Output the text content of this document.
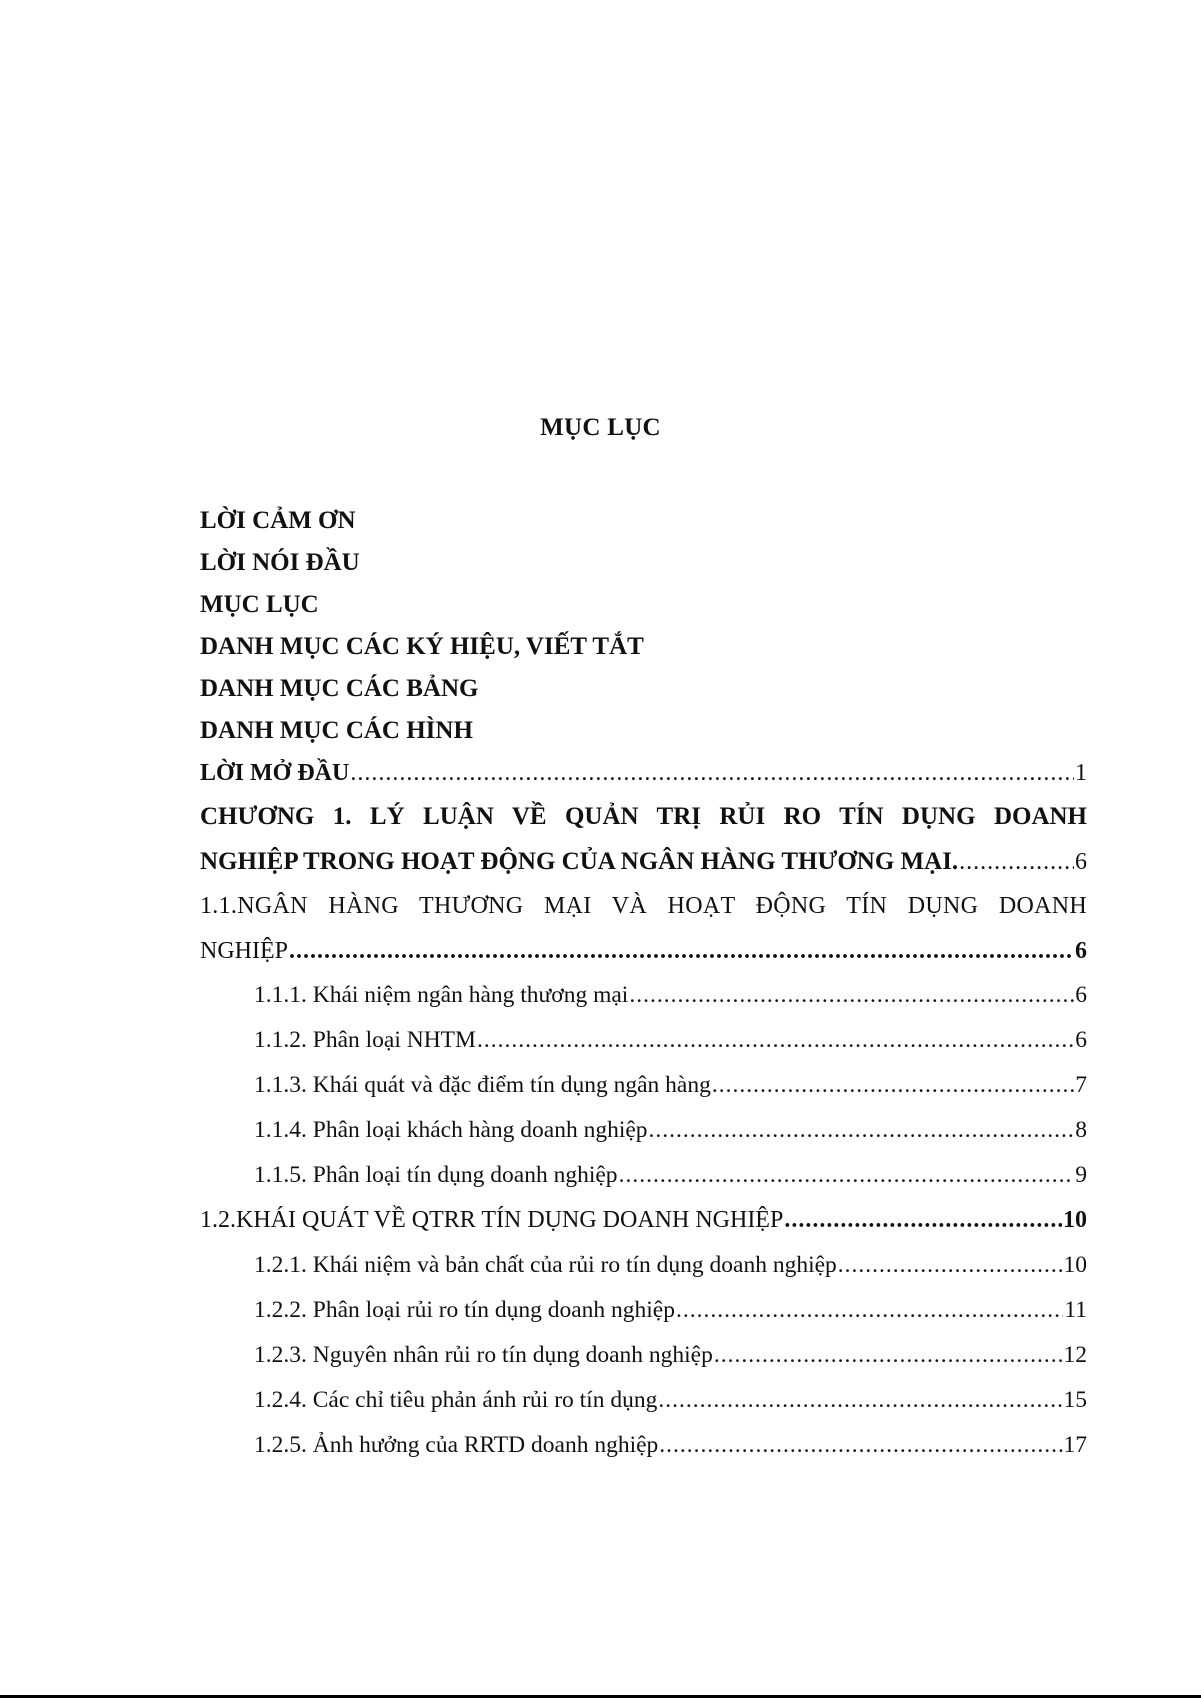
MỤC LỤC
LỜI CẢM ƠN
LỜI NÓI ĐẦU
MỤC LỤC
DANH MỤC CÁC KÝ HIỆU, VIẾT TẮT
DANH MỤC CÁC BẢNG
DANH MỤC CÁC HÌNH
LỜI MỞ ĐẦU .....	1
CHƯƠNG 1. LÝ LUẬN VỀ QUẢN TRỊ RỦI RO TÍN DỤNG DOANH
NGHIỆP TRONG HOẠT ĐỘNG CỦA NGÂN HÀNG THƯƠNG MẠI. .....	6
1.1.NGÂN HÀNG THƯƠNG MẠI VÀ HOẠT ĐỘNG TÍN DỤNG DOANH
NGHIỆP .....	6
1.1.1. Khái niệm ngân hàng thương mại .....	6
1.1.2. Phân loại NHTM .....	6
1.1.3. Khái quát và đặc điểm tín dụng ngân hàng .....	7
1.1.4. Phân loại khách hàng doanh nghiệp .....	8
1.1.5. Phân loại tín dụng doanh nghiệp .....	9
1.2.KHÁI QUÁT VỀ QTRR TÍN DỤNG DOANH NGHIỆP .....	10
1.2.1. Khái niệm và bản chất của rủi ro tín dụng doanh nghiệp .....	10
1.2.2. Phân loại rủi ro tín dụng doanh nghiệp .....	11
1.2.3. Nguyên nhân rủi ro tín dụng doanh nghiệp .....	12
1.2.4. Các chỉ tiêu phản ánh rủi ro tín dụng .....	15
1.2.5. Ảnh hưởng của RRTD doanh nghiệp .....	17
